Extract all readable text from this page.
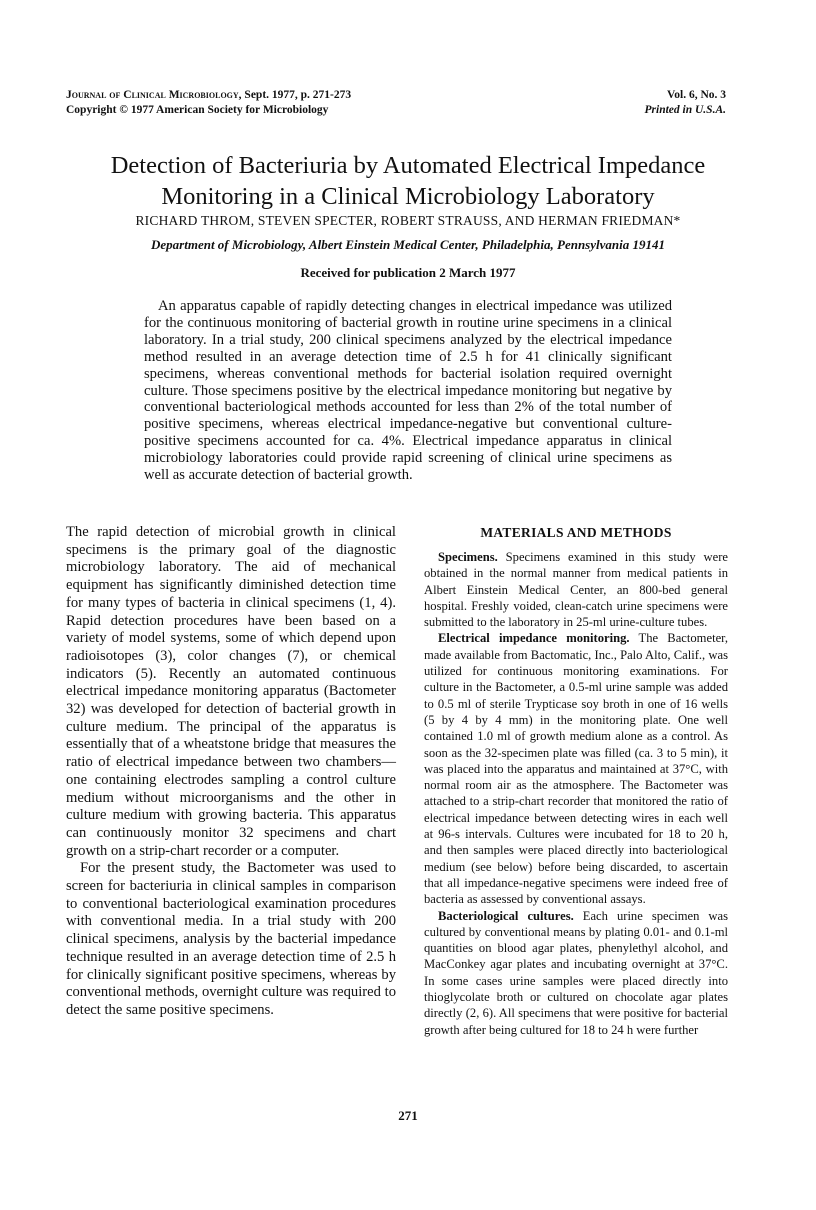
Journal of Clinical Microbiology, Sept. 1977, p. 271-273
Copyright © 1977 American Society for Microbiology
Vol. 6, No. 3
Printed in U.S.A.
Detection of Bacteriuria by Automated Electrical Impedance
Monitoring in a Clinical Microbiology Laboratory
RICHARD THROM, STEVEN SPECTER, ROBERT STRAUSS, AND HERMAN FRIEDMAN*
Department of Microbiology, Albert Einstein Medical Center, Philadelphia, Pennsylvania 19141
Received for publication 2 March 1977

An apparatus capable of rapidly detecting changes in electrical impedance was utilized for the continuous monitoring of bacterial growth in routine urine specimens in a clinical laboratory. In a trial study, 200 clinical specimens analyzed by the electrical impedance method resulted in an average detection time of 2.5 h for 41 clinically significant specimens, whereas conventional methods for bacterial isolation required overnight culture. Those specimens positive by the electrical impedance monitoring but negative by conventional bacteriological methods accounted for less than 2% of the total number of positive specimens, whereas electrical impedance-negative but conventional culture-positive specimens accounted for ca. 4%. Electrical impedance apparatus in clinical microbiology laboratories could provide rapid screening of clinical urine specimens as well as accurate detection of bacterial growth.

The rapid detection of microbial growth in clinical specimens is the primary goal of the diagnostic microbiology laboratory. The aid of mechanical equipment has significantly diminished detection time for many types of bacteria in clinical specimens (1, 4). Rapid detection procedures have been based on a variety of model systems, some of which depend upon radioisotopes (3), color changes (7), or chemical indicators (5). Recently an automated continuous electrical impedance monitoring apparatus (Bactometer 32) was developed for detection of bacterial growth in culture medium. The principal of the apparatus is essentially that of a wheatstone bridge that measures the ratio of electrical impedance between two chambers— one containing electrodes sampling a control culture medium without microorganisms and the other in culture medium with growing bacteria. This apparatus can continuously monitor 32 specimens and chart growth on a strip-chart recorder or a computer.

For the present study, the Bactometer was used to screen for bacteriuria in clinical samples in comparison to conventional bacteriological examination procedures with conventional media. In a trial study with 200 clinical specimens, analysis by the bacterial impedance technique resulted in an average detection time of 2.5 h for clinically significant positive specimens, whereas by conventional methods, overnight culture was required to detect the same positive specimens.

MATERIALS AND METHODS

Specimens. Specimens examined in this study were obtained in the normal manner from medical patients in Albert Einstein Medical Center, an 800-bed general hospital. Freshly voided, clean-catch urine specimens were submitted to the laboratory in 25-ml urine-culture tubes.

Electrical impedance monitoring. The Bactometer, made available from Bactomatic, Inc., Palo Alto, Calif., was utilized for continuous monitoring examinations. For culture in the Bactometer, a 0.5-ml urine sample was added to 0.5 ml of sterile Trypticase soy broth in one of 16 wells (5 by 4 by 4 mm) in the monitoring plate. One well contained 1.0 ml of growth medium alone as a control. As soon as the 32-specimen plate was filled (ca. 3 to 5 min), it was placed into the apparatus and maintained at 37°C, with normal room air as the atmosphere. The Bactometer was attached to a strip-chart recorder that monitored the ratio of electrical impedance between detecting wires in each well at 96-s intervals. Cultures were incubated for 18 to 20 h, and then samples were placed directly into bacteriological medium (see below) before being discarded, to ascertain that all impedance-negative specimens were indeed free of bacteria as assessed by conventional assays.

Bacteriological cultures. Each urine specimen was cultured by conventional means by plating 0.01- and 0.1-ml quantities on blood agar plates, phenylethyl alcohol, and MacConkey agar plates and incubating overnight at 37°C. In some cases urine samples were placed directly into thioglycolate broth or cultured on chocolate agar plates directly (2, 6). All specimens that were positive for bacterial growth after being cultured for 18 to 24 h were further

271
